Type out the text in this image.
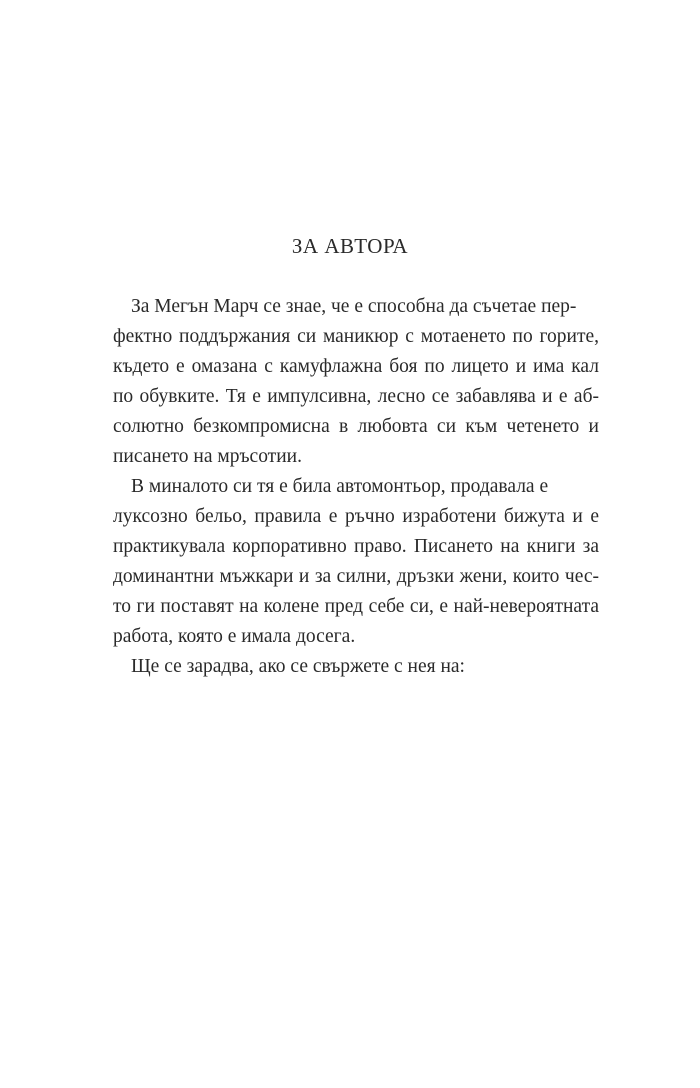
ЗА АВТОРА
За Мегън Марч се знае, че е способна да съчетае пер-
фектно поддържания си маникюр с мотаенето по горите,
където е омазана с камуфлажна боя по лицето и има кал
по обувките. Тя е импулсивна, лесно се забавлява и е аб-
солютно безкомпромисна в любовта си към четенето и
писането на мръсотии.
В миналото си тя е била автомонтьор, продавала е
луксозно бельо, правила е ръчно изработени бижута и е
практикувала корпоративно право. Писането на книги за
доминантни мъжкари и за силни, дръзки жени, които чес-
то ги поставят на колене пред себе си, е най-невероятната
работа, която е имала досега.
Ще се зарадва, ако се свържете с нея на:
